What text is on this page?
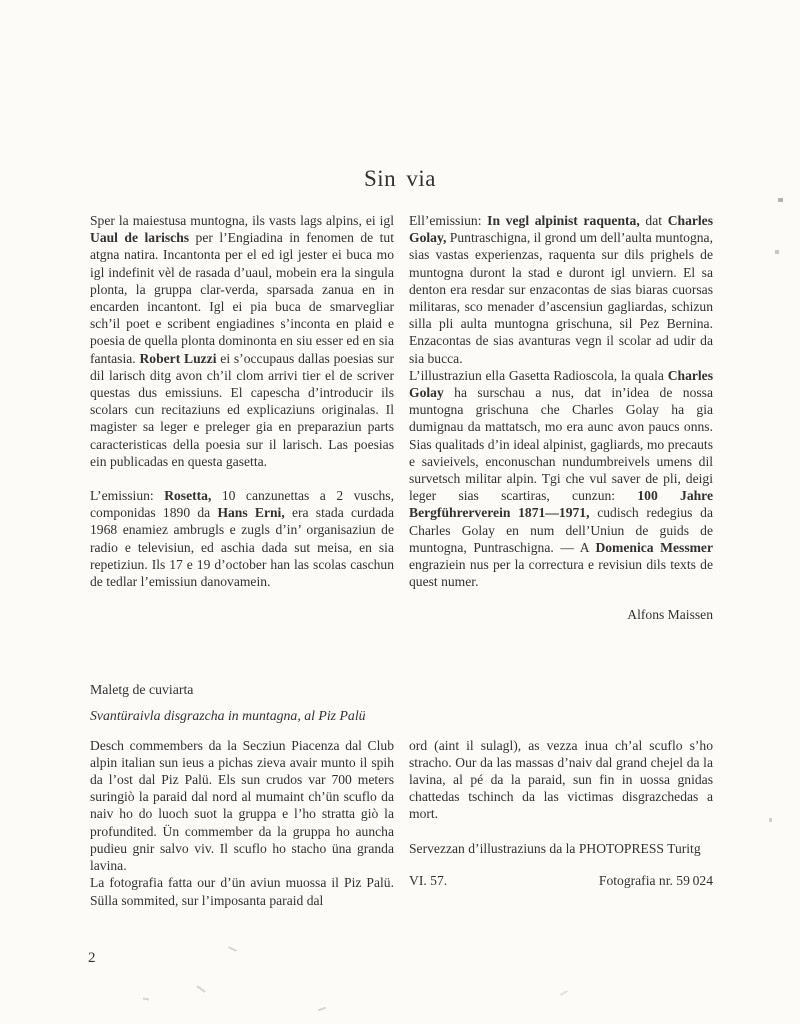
Sin via

Sper la maiestusa muntogna, ils vasts lags alpins, ei igl Uaul de larischs per l’Engiadina in fenomen de tut atgna natira. Incantonta per el ed igl jester ei buca mo igl indefinit vèl de rasada d’uaul, mobein era la singula plonta, la gruppa clar-verda, sparsada zanua en in encarden incantont. Igl ei pia buca de smarvegliar sch’il poet e scribent engiadines s’inconta en plaid e poesia de quella plonta dominonta en siu esser ed en sia fantasia. Robert Luzzi ei s’occupaus dallas poesias sur dil larisch ditg avon ch’il clom arrivi tier el de scriver questas dus emissiuns. El capescha d’introducir ils scolars cun recitaziuns ed explicaziuns originalas. Il magister sa leger e preleger gia en preparaziun parts caracteristicas della poesia sur il larisch. Las poesias ein publicadas en questa gasetta.

L’emissiun: Rosetta, 10 canzunettas a 2 vuschs, componidas 1890 da Hans Erni, era stada curdada 1968 enamiez ambrugls e zugls d’in’ organisaziun de radio e televisiun, ed aschia dada sut meisa, en sia repetiziun. Ils 17 e 19 d’october han las scolas caschun de tedlar l’emissiun danovamein.

Ell’emissiun: In vegl alpinist raquenta, dat Charles Golay, Puntraschigna, il grond um dell’aulta muntogna, sias vastas experienzas, raquenta sur dils prighels de muntogna duront la stad e duront igl unviern. El sa denton era resdar sur enzacontas de sias biaras cuorsas militaras, sco menader d’ascensiun gagliardas, schizun silla pli aulta muntogna grischuna, sil Pez Bernina. Enzacontas de sias avanturas vegn il scolar ad udir da sia bucca.

L’illustraziun ella Gasetta Radioscola, la quala Charles Golay ha surschau a nus, dat in’idea de nossa muntogna grischuna che Charles Golay ha gia dumignau da mattatsch, mo era aunc avon paucs onns. Sias qualitads d’in ideal alpinist, gagliards, mo precauts e savieivels, enconuschan nundumbreivels umens dil survetsch militar alpin. Tgi che vul saver de pli, deigi leger sias scartiras, cunzun: 100 Jahre Bergführerverein 1871—1971, cudisch redegius da Charles Golay en num dell’Uniun de guids de muntogna, Puntraschigna. — A Domenica Messmer engraziein nus per la correctura e revisiun dils texts de quest numer.

Alfons Maissen

Maletg de cuviarta

Svantüraivla disgrazcha in muntagna, al Piz Palü

Desch commembers da la Secziun Piacenza dal Club alpin italian sun ieus a pichas zieva avair munto il spih da l’ost dal Piz Palü. Els sun crudos var 700 meters suringiò la paraid dal nord al mumaint ch’ün scuflo da naiv ho do luoch suot la gruppa e l’ho stratta giò la profundited. Ün commember da la gruppa ho auncha pudieu gnir salvo viv. Il scuflo ho stacho üna granda lavina.

La fotografia fatta our d’ün aviun muossa il Piz Palü. Sülla sommited, sur l’imposanta paraid dal

ord (aint il sulagl), as vezza inua ch’al scuflo s’ho stracho. Our da las massas d’naiv dal grand chejel da la lavina, al pé da la paraid, sun fin in uossa gnidas chattedas tschinch da las victimas disgrazchedas a mort.

Servezzan d’illustraziuns da la PHOTOPRESS Turitg

VI. 57.	Fotografia nr. 59 024
2
